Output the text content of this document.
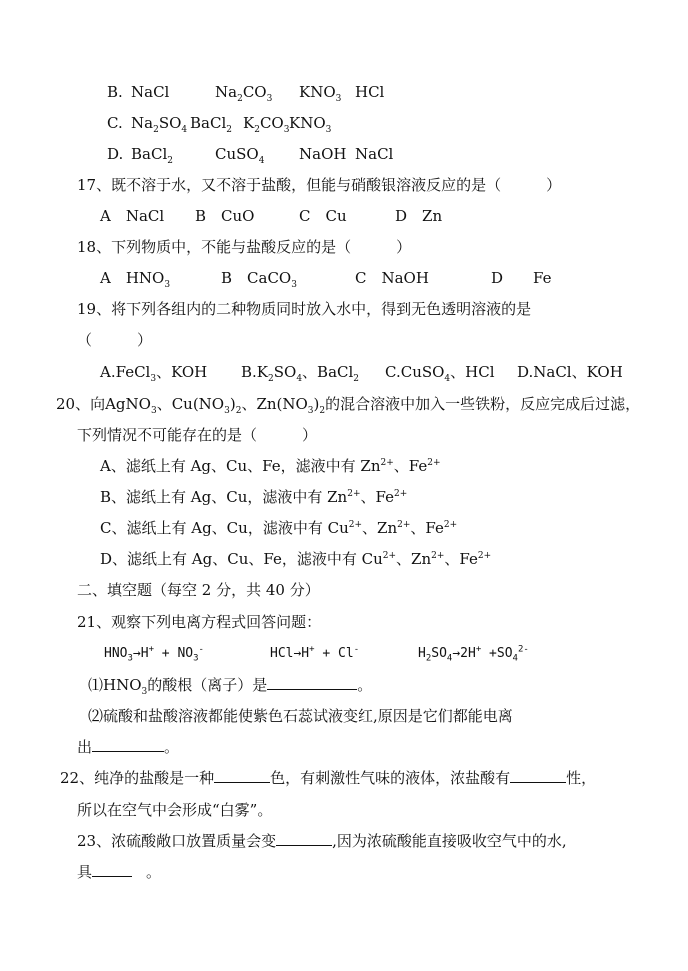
B. NaCl	$Na_2CO_3$ $KNO_3$ HCl
C. $Na_2SO_4$ BaCl$_2$ $K_2CO_3$ $KNO_3$
D. BaCl$_2$	CuSO$_4$ NaOH NaCl
17、既不溶于水，又不溶于盐酸，但能与硝酸银溶液反应的是（　　　）
A　NaCl B　CuO	C　Cu	D　Zn
18、下列物质中，不能与盐酸反应的是（　　　）
A　$HNO_3$	B　CaCO$_3$	C　NaOH	D　　Fe
19、将下列各组内的二种物质同时放入水中，得到无色透明溶液的是
（　　　）
A.FeCl$_3$、KOH $B.K_2SO_4$、BaCl$_2$ C.CuSO$_4$、HCl D.NaCl、KOH
20、向AgNO$_3$、$Cu(NO_3)_2$、$Zn(NO_3)_2$的混合溶液中加入一些铁粉，反应完成后过滤，
下列情况不可能存在的是（　　　）
A、滤纸上有 Ag、Cu、Fe，滤液中有 $Zn^{2+}$、$Fe^{2+}$
B、滤纸上有 Ag、Cu，滤液中有 $Zn^{2+}$、$Fe^{2+}$
C、滤纸上有 Ag、Cu，滤液中有 $Cu^{2+}$、$Zn^{2+}$、$Fe^{2+}$
D、滤纸上有 Ag、Cu、Fe，滤液中有 $Cu^{2+}$、$Zn^{2+}$、$Fe^{2+}$
二、填空题（每空 2 分，共 40 分）
21、观察下列电离方程式回答问题：
$HNO_3\to H^+ + NO_3^-$	HCl→H+ + Cl-	$H_2SO_4\to 2H^+ +SO_4^{2-}$
$⑴HNO_3$的酸根（离子）是	。
⑵硫酸和盐酸溶液都能使紫色石蕊试液变红,原因是它们都能电离
出	。
22、纯净的盐酸是一种	色，有刺激性气味的液体，浓盐酸有	性，
所以在空气中会形成“白雾”。
23、浓硫酸敞口放置质量会变	,因为浓硫酸能直接吸收空气中的水,
具	。
